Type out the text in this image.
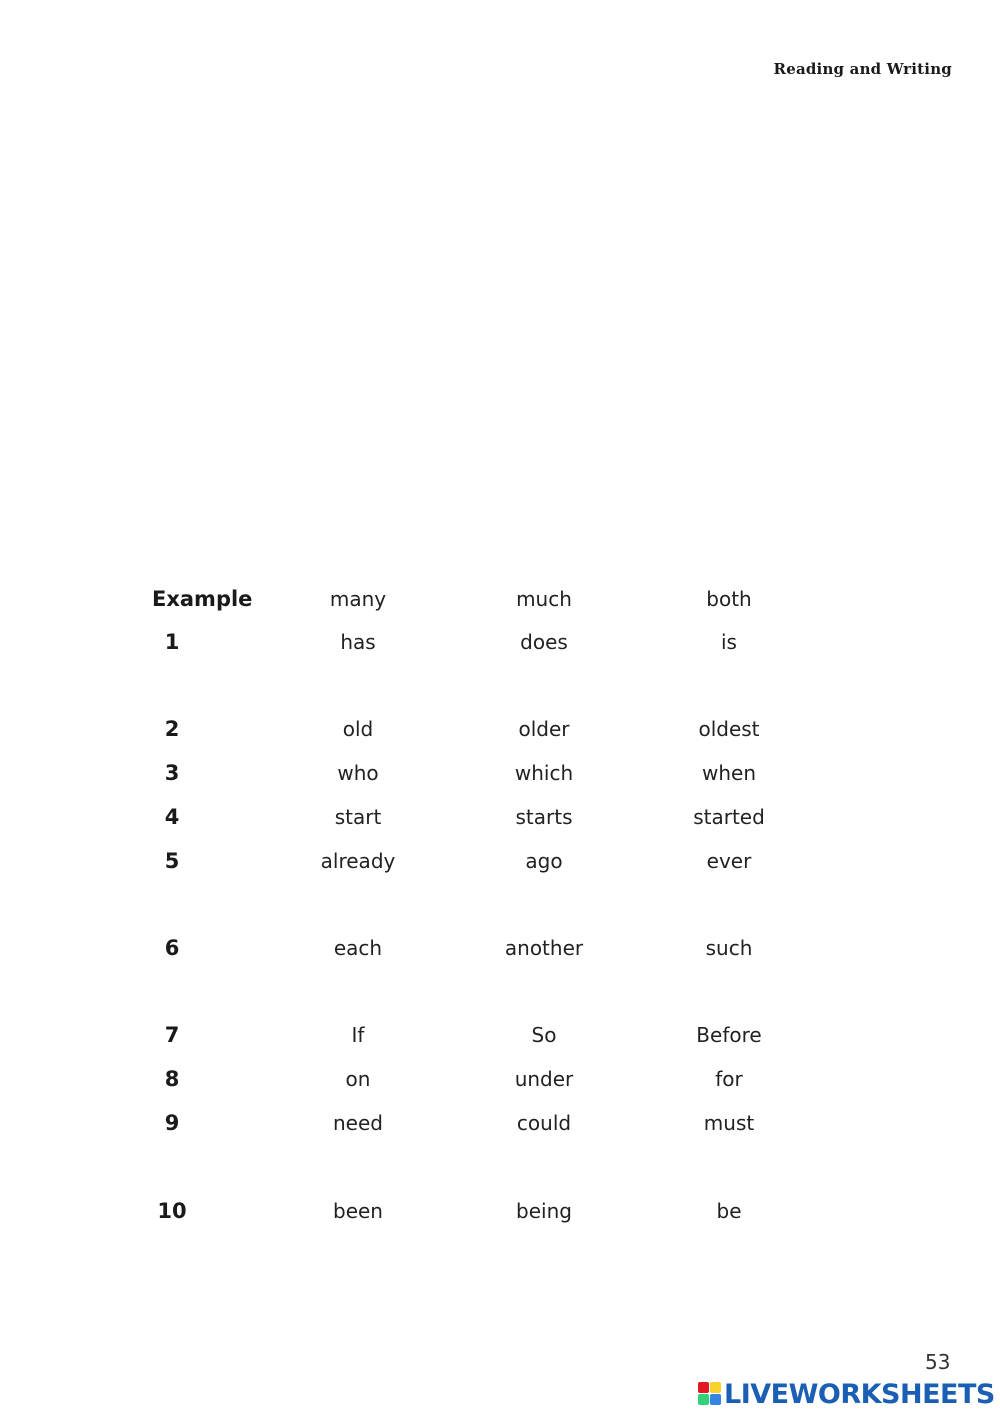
Reading and Writing
Example	many	much	both
1	has	does	is
2	old	older	oldest
3	who	which	when
4	start	starts	started
5	already	ago	ever
6	each	another	such
7	If	So	Before
8	on	under	for
9	need	could	must
10	been	being	be
53
LIVEWORKSHEETS
